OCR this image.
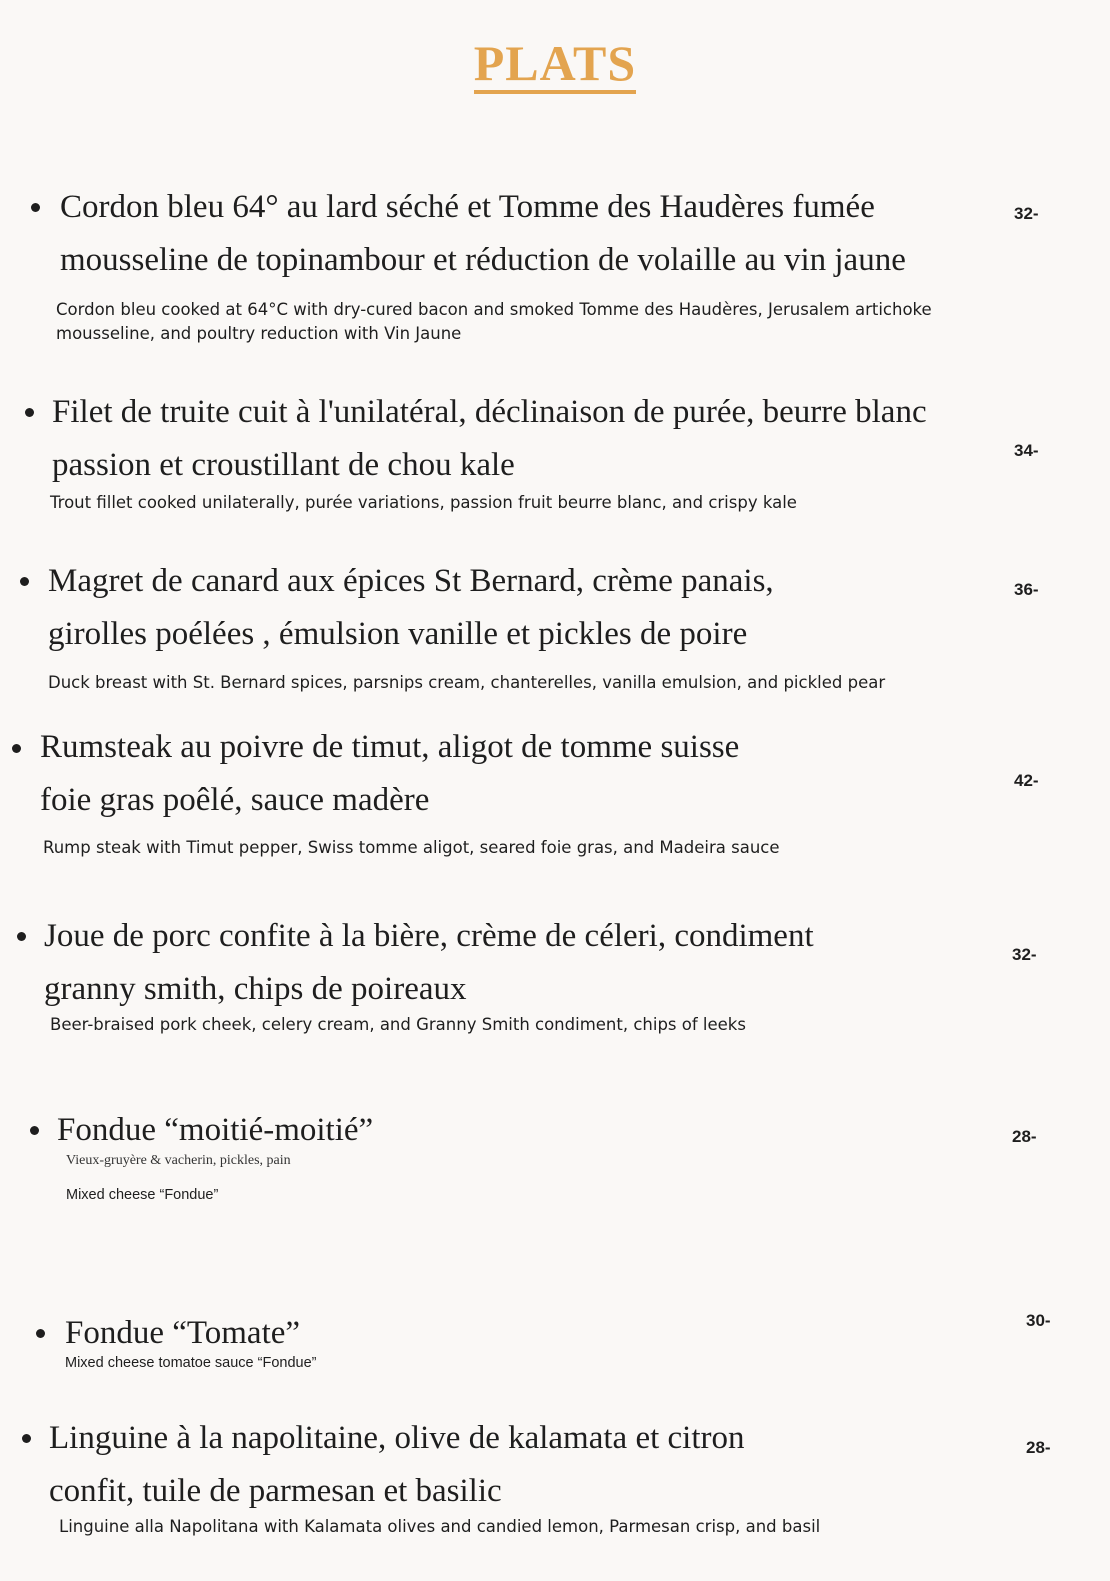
PLATS
Cordon bleu 64° au lard séché et Tomme des Haudères fumée
mousseline de topinambour et réduction de volaille au vin jaune

Cordon bleu cooked at 64°C with dry-cured bacon and smoked Tomme des Haudères, Jerusalem artichoke mousseline, and poultry reduction with Vin Jaune

32-
Filet de truite cuit à l'unilatéral, déclinaison de purée, beurre blanc
passion et croustillant de chou kale

Trout fillet cooked unilaterally, purée variations, passion fruit beurre blanc, and crispy kale

34-
Magret de canard aux épices St Bernard, crème panais,
girolles poélées , émulsion vanille et pickles de poire

Duck breast with St. Bernard spices, parsnips cream, chanterelles, vanilla emulsion, and pickled pear

36-
Rumsteak au poivre de timut, aligot de tomme suisse
foie gras poêlé, sauce madère

Rump steak with Timut pepper, Swiss tomme aligot, seared foie gras, and Madeira sauce

42-
Joue de porc confite à la bière, crème de céleri, condiment
granny smith, chips de poireaux

Beer-braised pork cheek, celery cream, and Granny Smith condiment, chips of leeks

32-
Fondue “moitié-moitié”

Vieux-gruyère & vacherin, pickles, pain

Mixed cheese “Fondue”

28-
Fondue “Tomate”

Mixed cheese tomatoe sauce “Fondue”

30-
Linguine à la napolitaine, olive de kalamata et citron
confit, tuile de parmesan et basilic

Linguine alla Napolitana with Kalamata olives and candied lemon, Parmesan crisp, and basil

28-
